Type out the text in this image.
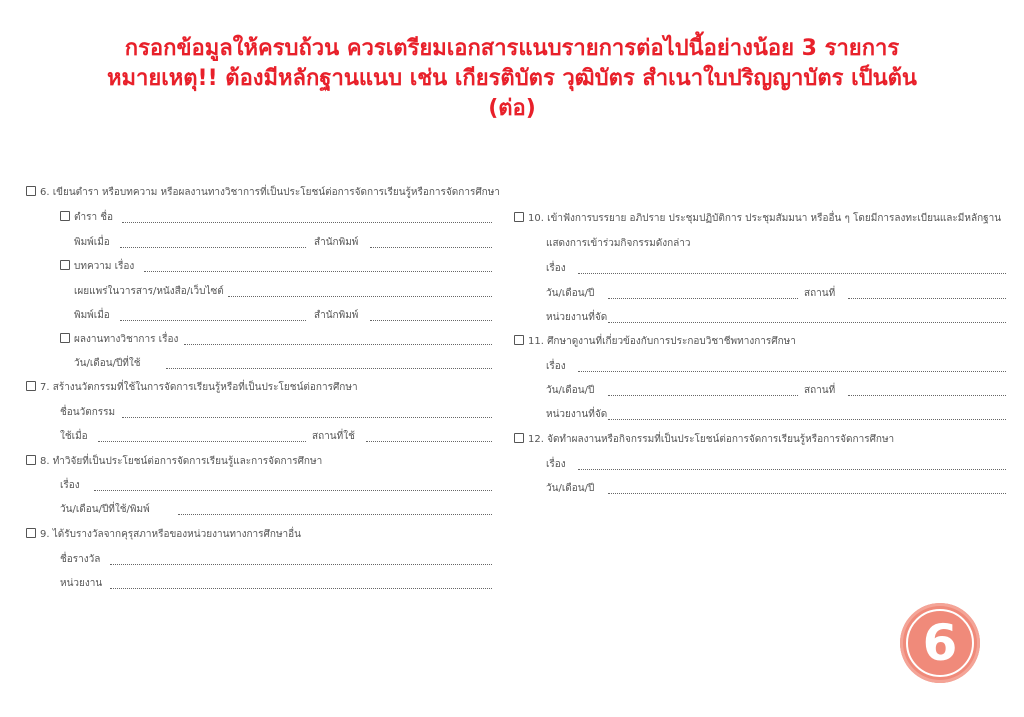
กรอกข้อมูลให้ครบถ้วน ควรเตรียมเอกสารแนบรายการต่อไปนี้อย่างน้อย 3 รายการ
หมายเหตุ!! ต้องมีหลักฐานแนบ เช่น เกียรติบัตร วุฒิบัตร สำเนาใบปริญญาบัตร เป็นต้น
(ต่อ)
6. เขียนตำรา หรือบทความ หรือผลงานทางวิชาการที่เป็นประโยชน์ต่อการจัดการเรียนรู้หรือการจัดการศึกษา
ตำรา ชื่อ
พิมพ์เมื่อ	สำนักพิมพ์
บทความ เรื่อง
เผยแพร่ในวารสาร/หนังสือ/เว็บไซต์
พิมพ์เมื่อ	สำนักพิมพ์
ผลงานทางวิชาการ เรื่อง
วัน/เดือน/ปีที่ใช้
7. สร้างนวัตกรรมที่ใช้ในการจัดการเรียนรู้หรือที่เป็นประโยชน์ต่อการศึกษา
ชื่อนวัตกรรม
ใช้เมื่อ	สถานที่ใช้
8. ทำวิจัยที่เป็นประโยชน์ต่อการจัดการเรียนรู้และการจัดการศึกษา
เรื่อง
วัน/เดือน/ปีที่ใช้/พิมพ์
9. ได้รับรางวัลจากคุรุสภาหรือของหน่วยงานทางการศึกษาอื่น
ชื่อรางวัล
หน่วยงาน
10. เข้าฟังการบรรยาย อภิปราย ประชุมปฏิบัติการ ประชุมสัมมนา หรืออื่น ๆ โดยมีการลงทะเบียนและมีหลักฐาน
แสดงการเข้าร่วมกิจกรรมดังกล่าว
เรื่อง
วัน/เดือน/ปี	สถานที่
หน่วยงานที่จัด
11. ศึกษาดูงานที่เกี่ยวข้องกับการประกอบวิชาชีพทางการศึกษา
เรื่อง
วัน/เดือน/ปี	สถานที่
หน่วยงานที่จัด
12. จัดทำผลงานหรือกิจกรรมที่เป็นประโยชน์ต่อการจัดการเรียนรู้หรือการจัดการศึกษา
เรื่อง
วัน/เดือน/ปี
6
